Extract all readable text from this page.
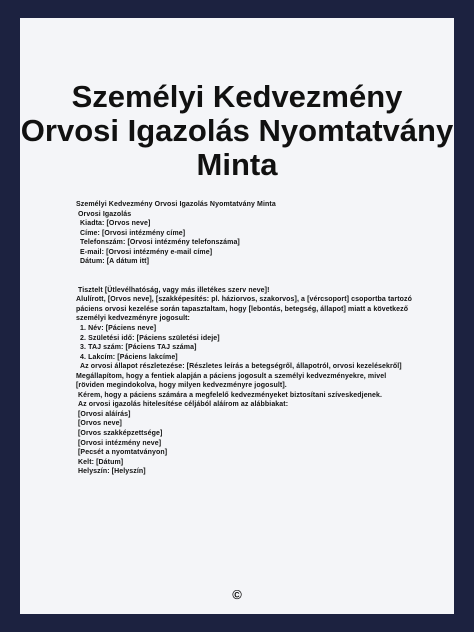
Személyi Kedvezmény
Orvosi Igazolás Nyomtatvány
Minta
Személyi Kedvezmény Orvosi Igazolás Nyomtatvány Minta
Orvosi Igazolás
Kiadta: [Orvos neve]
Címe: [Orvosi intézmény címe]
Telefonszám: [Orvosi intézmény telefonszáma]
E-mail: [Orvosi intézmény e-mail címe]
Dátum: [A dátum itt]
Tisztelt [Ütlevélhatóság, vagy más illetékes szerv neve]!
Alulírott, [Orvos neve], [szakképesítés: pl. háziorvos, szakorvos], a [vércsoport] csoportba tartozó páciens orvosi kezelése során tapasztaltam, hogy [lebontás, betegség, állapot] miatt a következő személyi kedvezményre jogosult:
1. Név: [Páciens neve]
2. Születési idő: [Páciens születési ideje]
3. TAJ szám: [Páciens TAJ száma]
4. Lakcím: [Páciens lakcíme]
Az orvosi állapot részletezése: [Részletes leírás a betegségről, állapotról, orvosi kezelésekről]
Megállapítom, hogy a fentiek alapján a páciens jogosult a személyi kedvezményekre, mivel [röviden megindokolva, hogy milyen kedvezményre jogosult].
Kérem, hogy a páciens számára a megfelelő kedvezményeket biztosítani szíveskedjenek.
Az orvosi igazolás hitelesítése céljából aláírom az alábbiakat:
[Orvosi aláírás]
[Orvos neve]
[Orvos szakképzettsége]
[Orvosi intézmény neve]
[Pecsét a nyomtatványon]
Kelt: [Dátum]
Helyszín: [Helyszín]
©
